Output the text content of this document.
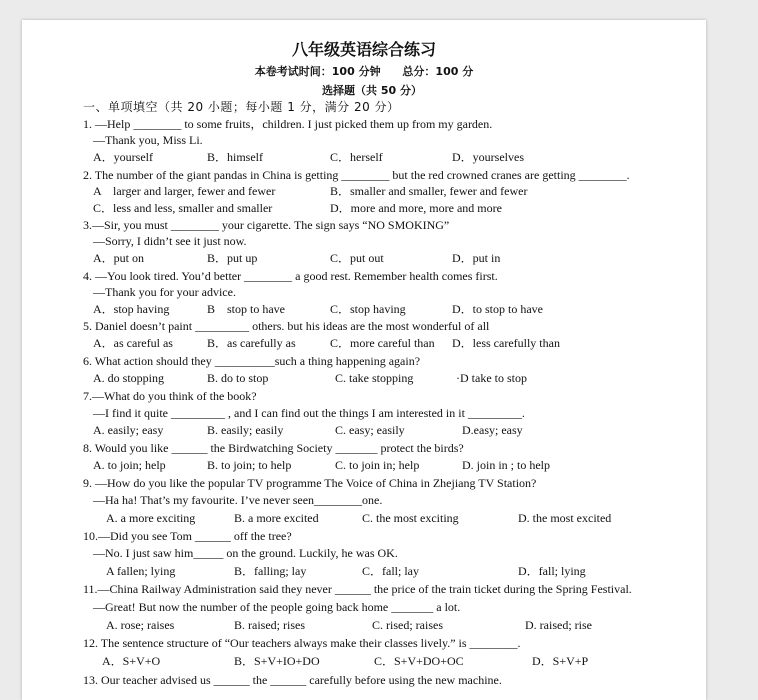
八年级英语综合练习
本卷考试时间：100 分钟 总分：100 分
选择题（共 50 分）
一、单项填空（共 20 小题；每小题 1 分，满分 20 分）
1. —Help ________ to some fruits，children. I just picked them up from my garden.
—Thank you, Miss Li.
A．yourself	B．himself	C．herself	D．yourselves
2. The number of the giant pandas in China is getting ________ but the red crowned cranes are getting ________.
A　larger and larger, fewer and fewer	B．smaller and smaller, fewer and fewer
C．less and less, smaller and smaller	D．more and more, more and more
3.—Sir, you must ________ your cigarette. The sign says “NO SMOKING”
—Sorry, I didn’t see it just now.
A．put on	B．put up	C．put out	D．put in
4. —You look tired. You’d better ________ a good rest. Remember health comes first.
—Thank you for your advice.
A．stop having	B　stop to have	C．stop having	D．to stop to have
5. Daniel doesn’t paint _________ others. but his ideas are the most wonderful of all
A．as careful as	B．as carefully as	C．more careful than D．less carefully than
6. What action should they __________such a thing happening again?
A. do stopping	B. do to stop	C. take stopping	·D take to stop
7.—What do you think of the book?
—I find it quite _________ , and I can find out the things I am interested in it _________.
A. easily; easy	B. easily; easily	C. easy; easily	D.easy; easy
8. Would you like ______ the Birdwatching Society _______ protect the birds?
A. to join; help	B. to join; to help	C. to join in; help	D. join in ; to help
9. —How do you like the popular TV programme The Voice of China in Zhejiang TV Station?
—Ha ha! That’s my favourite. I’ve never seen________one.
A. a more exciting	B. a more excited	C. the most exciting	D. the most excited
10.—Did you see Tom ______ off the tree?
—No. I just saw him_____ on the ground. Luckily, he was OK.
A fallen; lying	B．falling; lay	C．fall; lay	D．fall; lying
11.—China Railway Administration said they never ______ the price of the train ticket during the Spring Festival.
—Great! But now the number of the people going back home _______ a lot.
A. rose; raises	B. raised; rises	C. rised; raises	D. raised; rise
12. The sentence structure of “Our teachers always make their classes lively.” is ________.
A．S+V+O	B．S+V+IO+DO	C．S+V+DO+OC	D．S+V+P
13. Our teacher advised us ______ the ______ carefully before using the new machine.
